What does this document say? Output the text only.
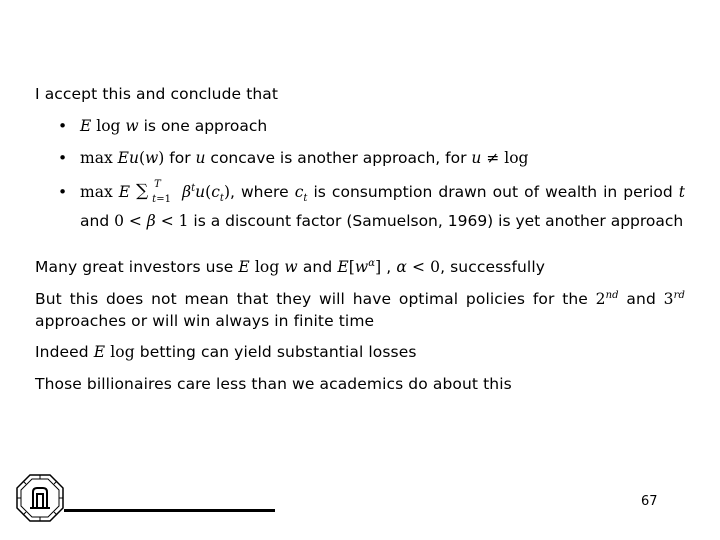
I accept this and conclude that
• E log w is one approach
• max Eu(w) for u concave is another approach, for u ≠ log
• max E ∑ T
t=1 $\beta^tu(c_t)$, where $c_t$ is consumption drawn out of wealth in period t and 0 < β < 1 is a discount factor (Samuelson, 1969) is yet another approach
Many great investors use E log w and $E[w^\alpha]$ , α < 0, successfully
But this does not mean that they will have optimal policies for the 2nd and 3rd approaches or will win always in finite time
Indeed E log betting can yield substantial losses
Those billionaires care less than we academics do about this
67
